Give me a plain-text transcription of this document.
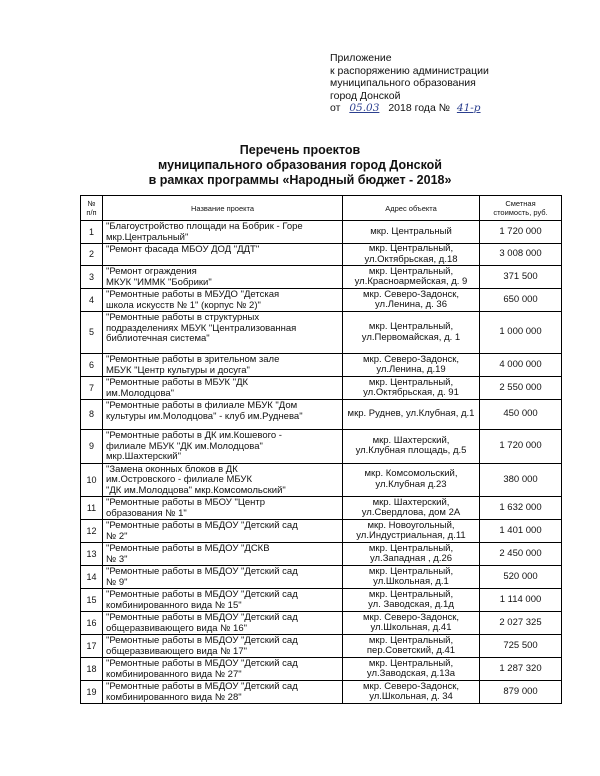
Приложение
к распоряжению администрации
муниципального образования
город Донской
от 05.03 2018 года № 41-р
Перечень проектов
муниципального образования город Донской
в рамках программы «Народный бюджет - 2018»
№
п/п	Название проекта	Адрес объекта	Сметная
стоимость, руб.

1	"Благоустройство площади на Бобрик - Горе
мкр.Центральный"	мкр. Центральный	1 720 000
2	"Ремонт фасада МБОУ ДОД "ДДТ"	мкр. Центральный,
ул.Октябрьская, д.18	3 008 000
3	"Ремонт ограждения
МКУК "ИММК "Бобрики"	мкр. Центральный,
ул.Красноармейская, д. 9	371 500
4	"Ремонтные работы в МБУДО "Детская
школа искусств № 1" (корпус № 2)"	мкр. Северо-Задонск,
ул.Ленина, д. 36	650 000
5	"Ремонтные работы в структурных
подразделениях МБУК "Централизованная
библиотечная система"	мкр. Центральный,
ул.Первомайская, д. 1	1 000 000
6	"Ремонтные работы в зрительном зале
МБУК "Центр культуры и досуга"	мкр. Северо-Задонск,
ул.Ленина, д.19	4 000 000
7	"Ремонтные работы в МБУК "ДК
им.Молодцова"	мкр. Центральный,
ул.Октябрьская, д. 91	2 550 000
8	"Ремонтные работы в филиале МБУК "Дом
культуры им.Молодцова" - клуб им.Руднева"	мкр. Руднев, ул.Клубная, д.1	450 000
9	"Ремонтные работы в ДК им.Кошевого -
филиале МБУК "ДК им.Молодцова"
мкр.Шахтерский"	мкр. Шахтерский,
ул.Клубная площадь, д.5	1 720 000
10	"Замена оконных блоков в ДК
им.Островского - филиале МБУК
"ДК им.Молодцова" мкр.Комсомольский"	мкр. Комсомольский,
ул.Клубная д.23	380 000
11	"Ремонтные работы в МБОУ "Центр
образования № 1"	мкр. Шахтерский,
ул.Свердлова, дом 2А	1 632 000
12	"Ремонтные работы в МБДОУ "Детский сад
№ 2"	мкр. Новоугольный,
ул.Индустриальная, д.11	1 401 000
13	"Ремонтные работы в МБДОУ "ДСКВ
№ 3"	мкр. Центральный,
ул.Западная , д.26	2 450 000
14	"Ремонтные работы в МБДОУ "Детский сад
№ 9"	мкр. Центральный,
ул.Школьная, д.1	520 000
15	"Ремонтные работы в МБДОУ "Детский сад
комбинированного вида № 15"	мкр. Центральный,
ул. Заводская, д.1д	1 114 000
16	"Ремонтные работы в МБДОУ "Детский сад
общеразвивающего вида № 16"	мкр. Северо-Задонск,
ул.Школьная, д.41	2 027 325
17	"Ремонтные работы в МБДОУ "Детский сад
общеразвивающего вида № 17"	мкр. Центральный,
пер.Советский, д.41	725 500
18	"Ремонтные работы в МБДОУ "Детский сад
комбинированного вида № 27"	мкр. Центральный,
ул.Заводская, д.13а	1 287 320
19	"Ремонтные работы в МБДОУ "Детский сад
комбинированного вида № 28"	мкр. Северо-Задонск,
ул.Школьная, д. 34	879 000
